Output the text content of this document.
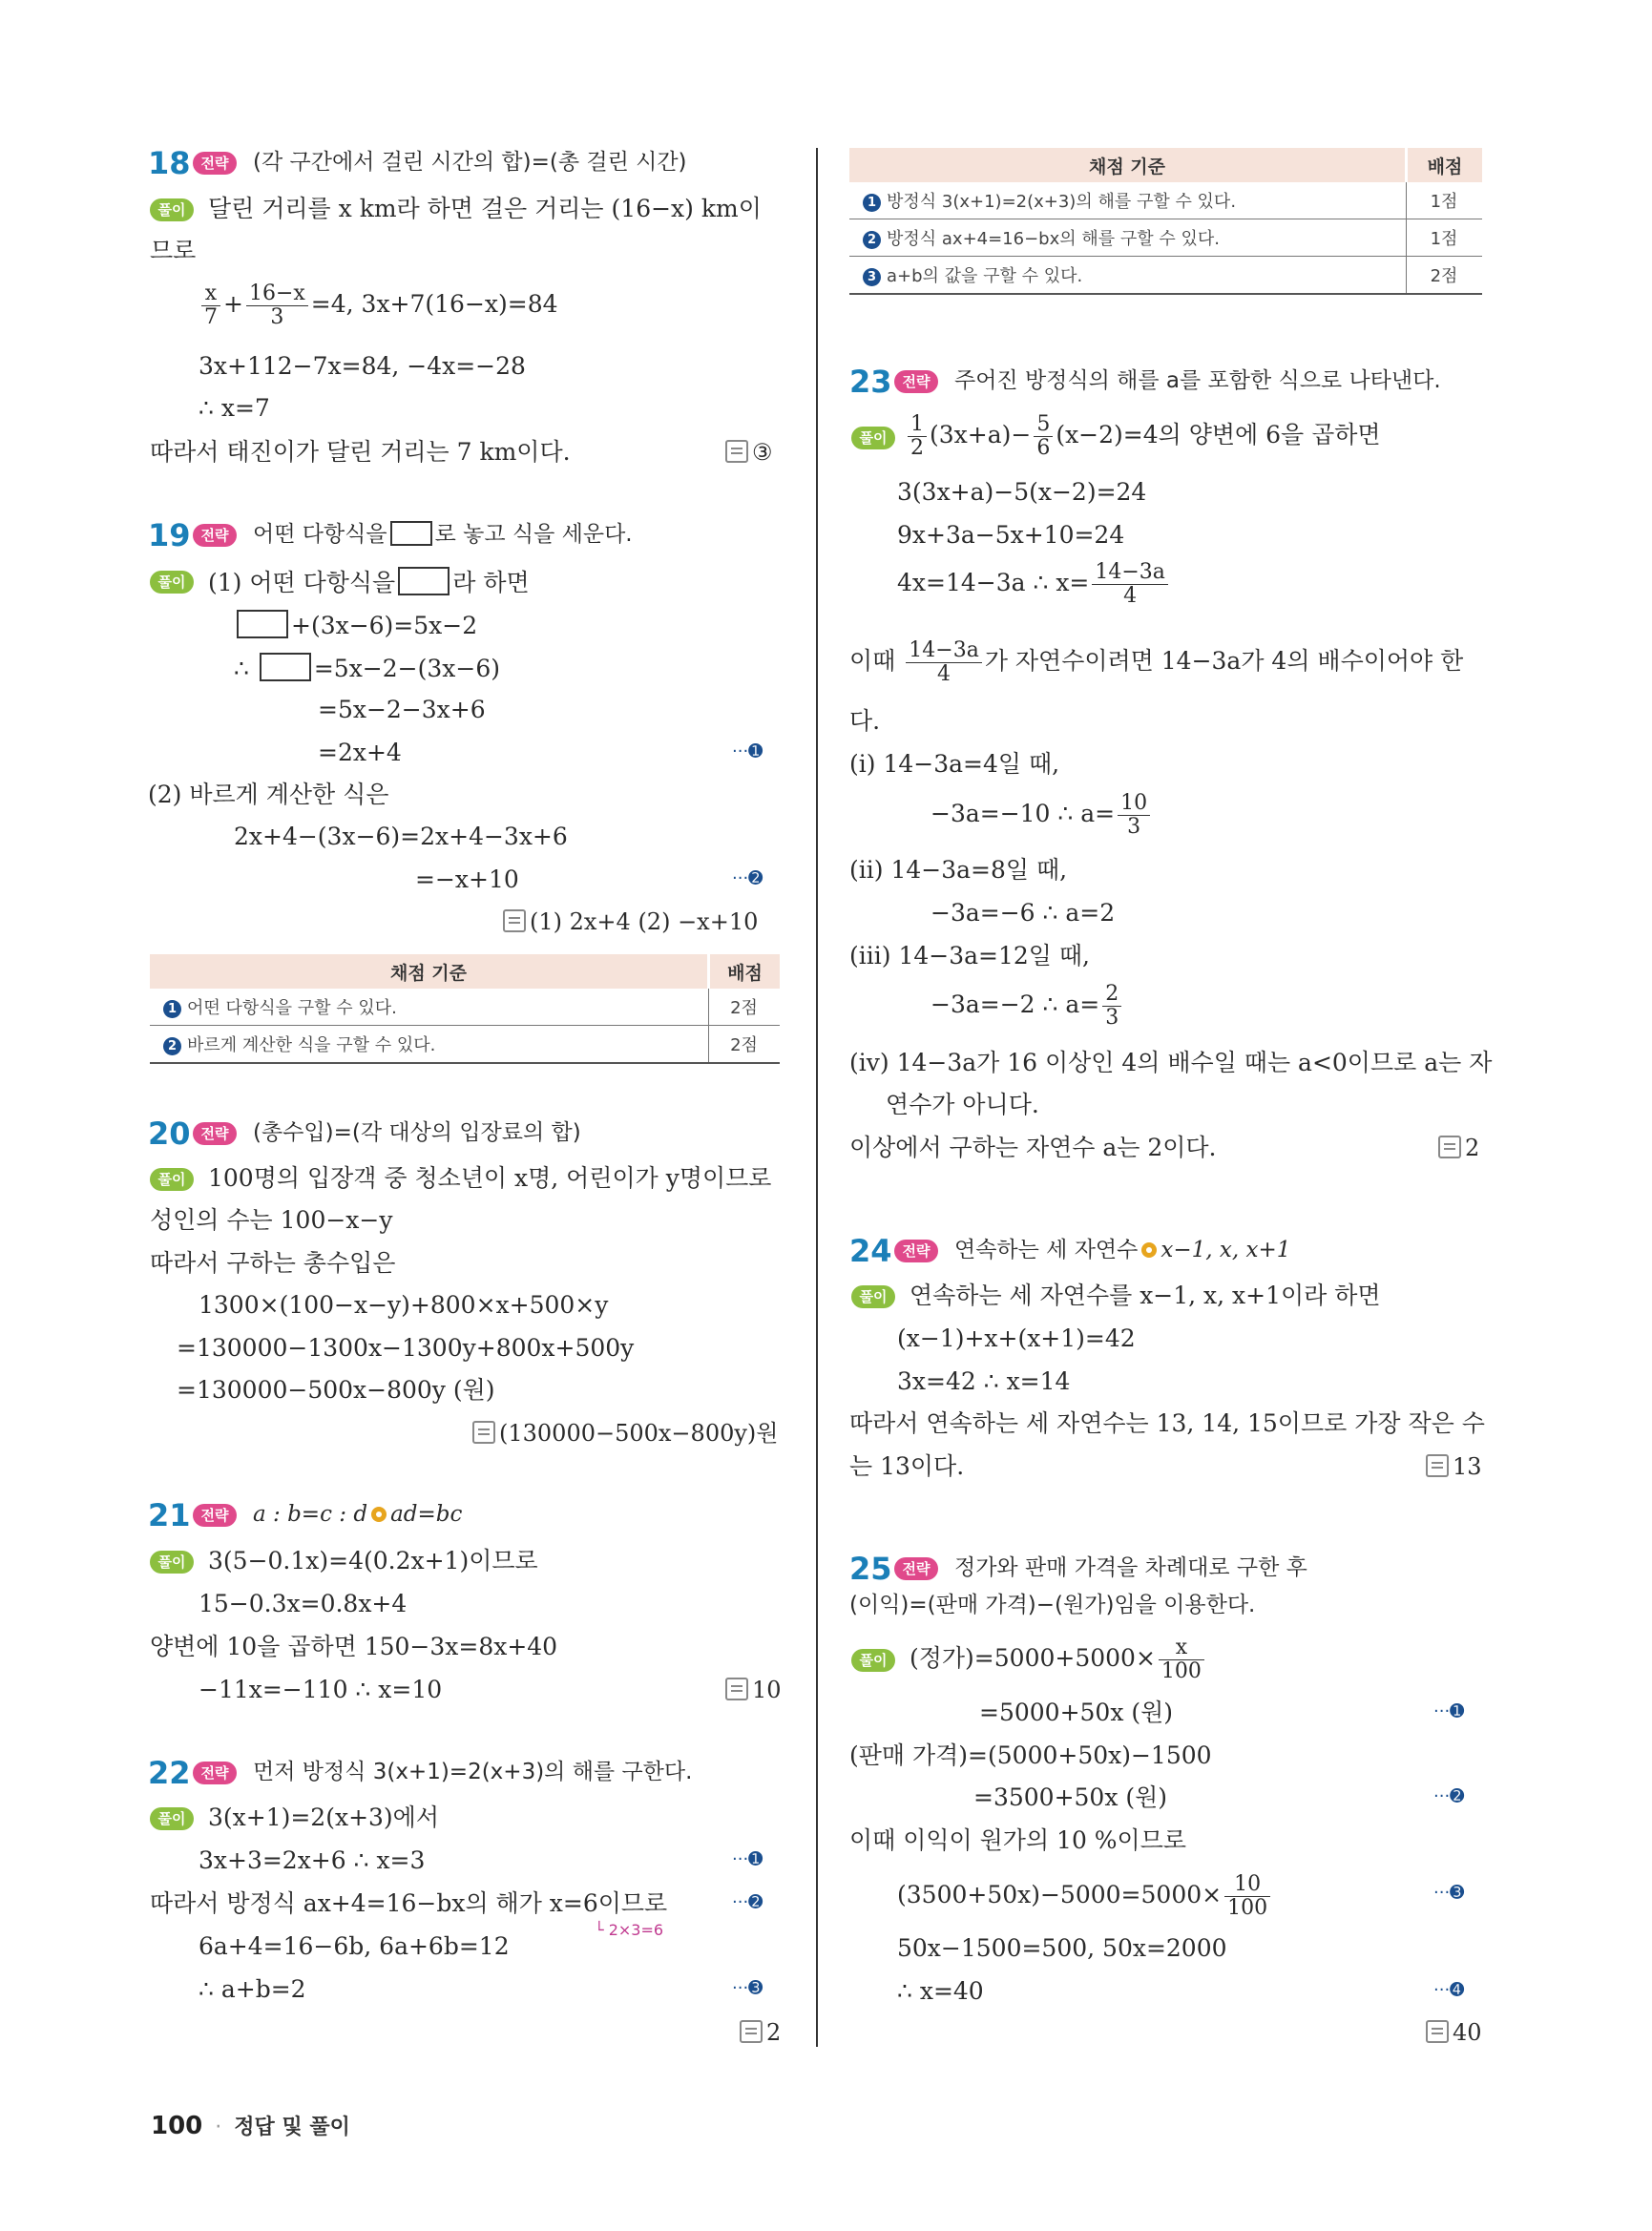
18 전략	(각 구간에서 걸린 시간의 합)=(총 걸린 시간)
풀이 달린 거리를 x km라 하면 걸은 거리는 (16−x) km이
므로
$\frac{x}{7} + \frac{16-x}{3} =4$, 3x+7(16−x)=84
3x+112−7x=84, −4x=−28
∴ x=7
따라서 태진이가 달린 거리는 7 km이다.	③
19 전략	어떤 다항식을 로 놓고 식을 세운다.
풀이 (1) 어떤 다항식을 라 하면
+(3x−6)=5x−2
∴	=5x−2−(3x−6)
=5x−2−3x+6
=2x+4	···➊
(2) 바르게 계산한 식은
2x+4−(3x−6)=2x+4−3x+6
=−x+10	···➋
(1) 2x+4 (2) −x+10
채점 기준	배점
1 어떤 다항식을 구할 수 있다.	2점
2 바르게 계산한 식을 구할 수 있다.	2점
20 전략	(총수입)=(각 대상의 입장료의 합)
풀이 100명의 입장객 중 청소년이 x명, 어린이가 y명이므로
성인의 수는 100−x−y
따라서 구하는 총수입은
1300×(100−x−y)+800×x+500×y
=130000−1300x−1300y+800x+500y
=130000−500x−800y (원)
(130000−500x−800y)원
21 전략	a : b=c : d ad=bc
풀이 3(5−0.1x)=4(0.2x+1)이므로
15−0.3x=0.8x+4
양변에 10을 곱하면 150−3x=8x+40
−11x=−110 ∴ x=10	10
22 전략	먼저 방정식 3(x+1)=2(x+3)의 해를 구한다.
풀이 3(x+1)=2(x+3)에서
3x+3=2x+6 ∴ x=3	···➊
따라서 방정식 ax+4=16−bx의 해가 x=6이므로	···➋
└ 2×3=6
6a+4=16−6b, 6a+6b=12
∴ a+b=2	···➌
2
채점 기준	배점
1 방정식 3(x+1)=2(x+3)의 해를 구할 수 있다.	1점
2 방정식 ax+4=16−bx의 해를 구할 수 있다.	1점
3 a+b의 값을 구할 수 있다.	2점
23 전략	주어진 방정식의 해를 a를 포함한 식으로 나타낸다.
풀이 $\frac{1}{2} (3x+a)- \frac{5}{6} (x-2)=4$의 양변에 6을 곱하면
3(3x+a)−5(x−2)=24
9x+3a−5x+10=24
4x=14−3a ∴ $x= \frac{14-3a}{4}$
이때 $\frac{14-3a}{4}$ 가 자연수이려면 14−3a가 4의 배수이어야 한
다.
(i) 14−3a=4일 때,
−3a=−10 ∴ $a= \frac{10}{3}$
(ii) 14−3a=8일 때,
−3a=−6 ∴ a=2
(iii) 14−3a=12일 때,
−3a=−2 ∴ $a= \frac{2}{3}$
(iv) 14−3a가 16 이상인 4의 배수일 때는 a<0이므로 a는 자
연수가 아니다.
이상에서 구하는 자연수 a는 2이다.	2
24 전략	연속하는 세 자연수 x−1, x, x+1
풀이 연속하는 세 자연수를 x−1, x, x+1이라 하면
(x−1)+x+(x+1)=42
3x=42 ∴ x=14
따라서 연속하는 세 자연수는 13, 14, 15이므로 가장 작은 수
는 13이다.	13
25 전략	정가와 판매 가격을 차례대로 구한 후
(이익)=(판매 가격)−(원가)임을 이용한다.
풀이 (정가)$=5000+5000\times \frac{x}{100}$
=5000+50x (원)	···➊
(판매 가격)=(5000+50x)−1500
=3500+50x (원)	···➋
이때 이익이 원가의 10 %이므로
$(3500+50x)-5000=5000\times \frac{10}{100}$	···➌
50x−1500=500, 50x=2000
∴ x=40	···➍
40
100 · 정답 및 풀이
